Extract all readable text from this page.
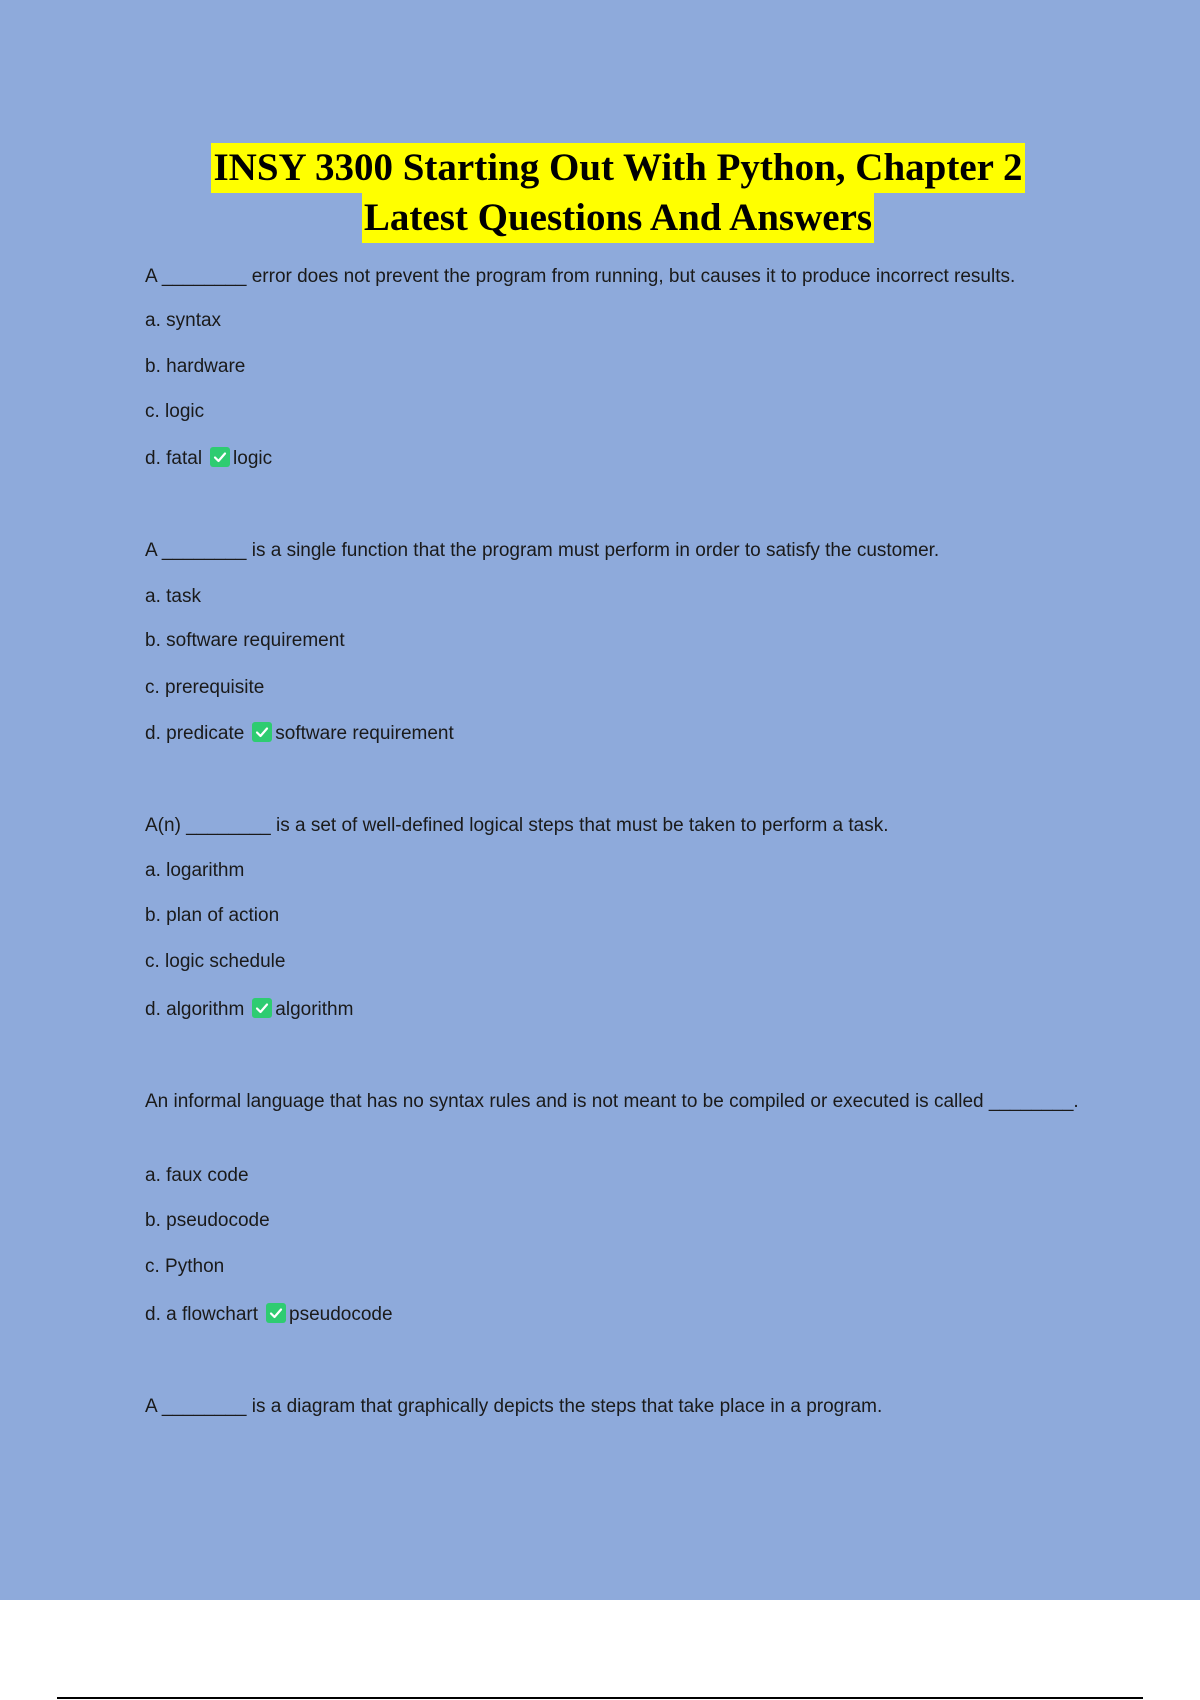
INSY 3300 Starting Out With Python, Chapter 2
Latest Questions And Answers
A ________ error does not prevent the program from running, but causes it to produce incorrect results.
a. syntax
b. hardware
c. logic
d. fatal logic
A ________ is a single function that the program must perform in order to satisfy the customer.
a. task
b. software requirement
c. prerequisite
d. predicate software requirement
A(n) ________ is a set of well-defined logical steps that must be taken to perform a task.
a. logarithm
b. plan of action
c. logic schedule
d. algorithm algorithm
An informal language that has no syntax rules and is not meant to be compiled or executed is called ________.
a. faux code
b. pseudocode
c. Python
d. a flowchart pseudocode
A ________ is a diagram that graphically depicts the steps that take place in a program.
